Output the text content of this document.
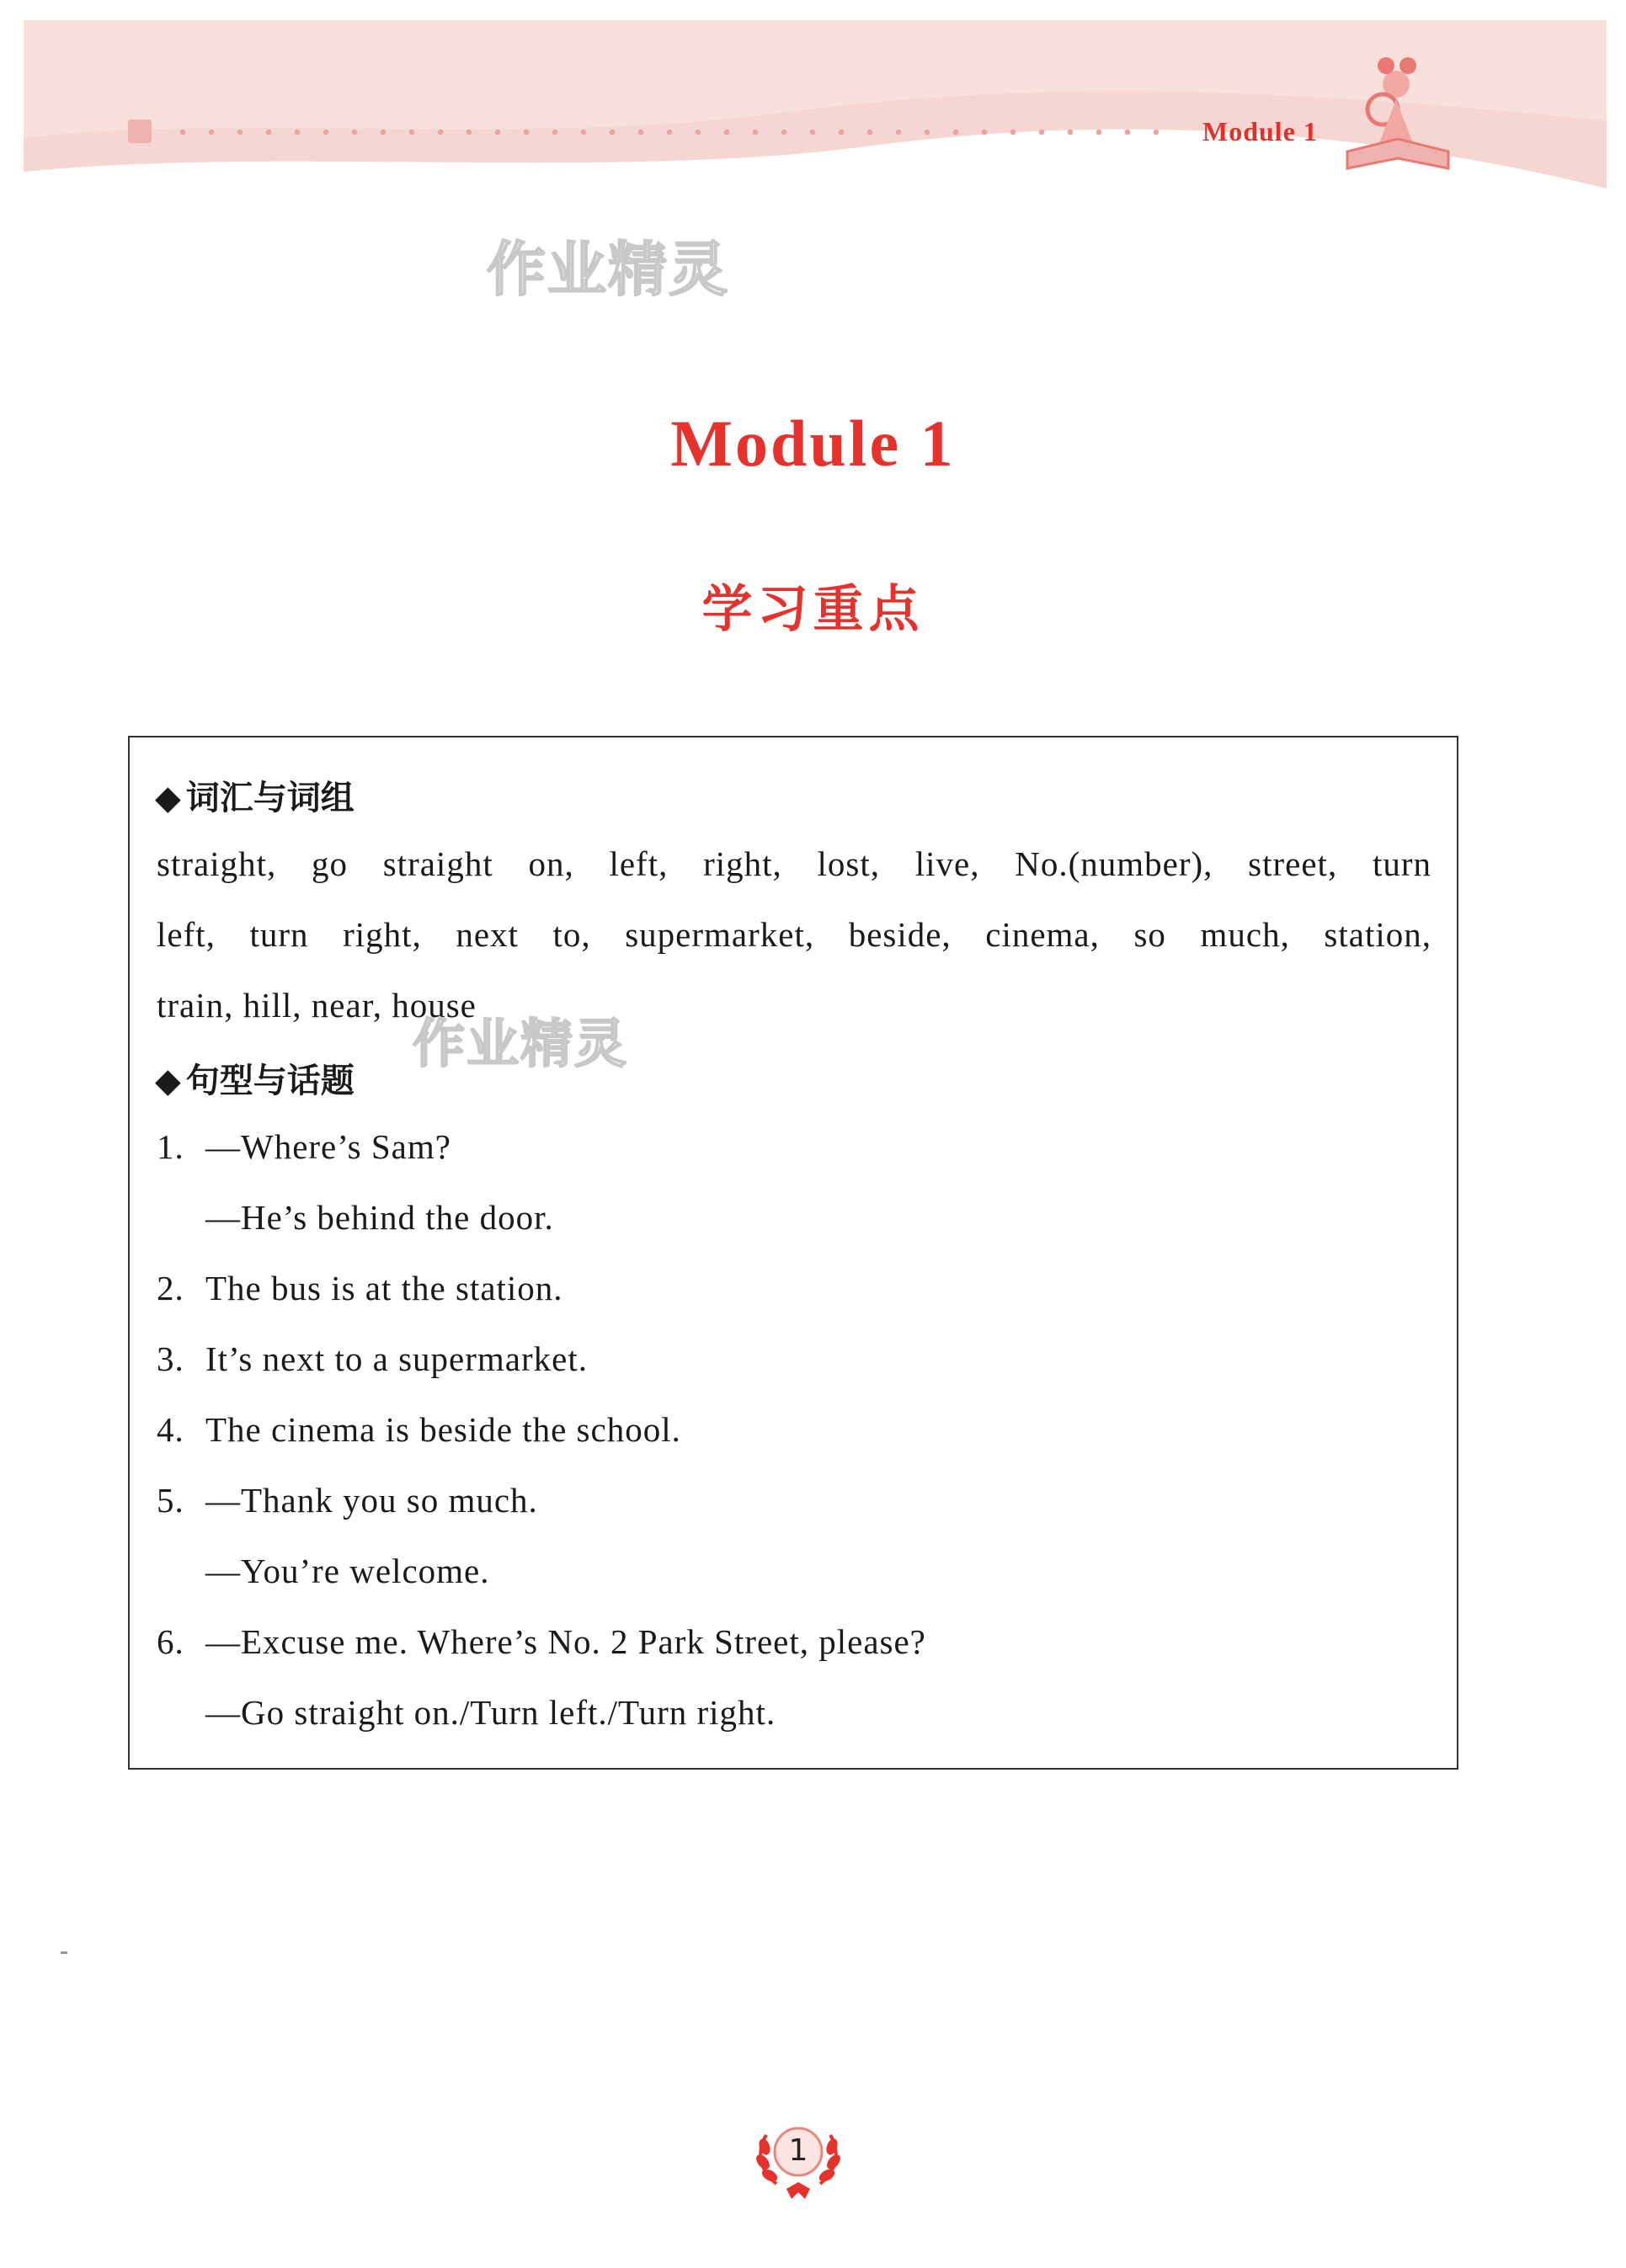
Module 1
作业精灵
Module 1
学习重点
◆ 词汇与词组
straight, go straight on, left, right, lost, live, No.(number), street, turn
left, turn right, next to, supermarket, beside, cinema, so much, station,
train, hill, near, house
作业精灵
◆ 句型与话题
1. —Where’s Sam?
—He’s behind the door.
2. The bus is at the station.
3. It’s next to a supermarket.
4. The cinema is beside the school.
5. —Thank you so much.
—You’re welcome.
6. —Excuse me. Where’s No. 2 Park Street, please?
—Go straight on./Turn left./Turn right.
1
